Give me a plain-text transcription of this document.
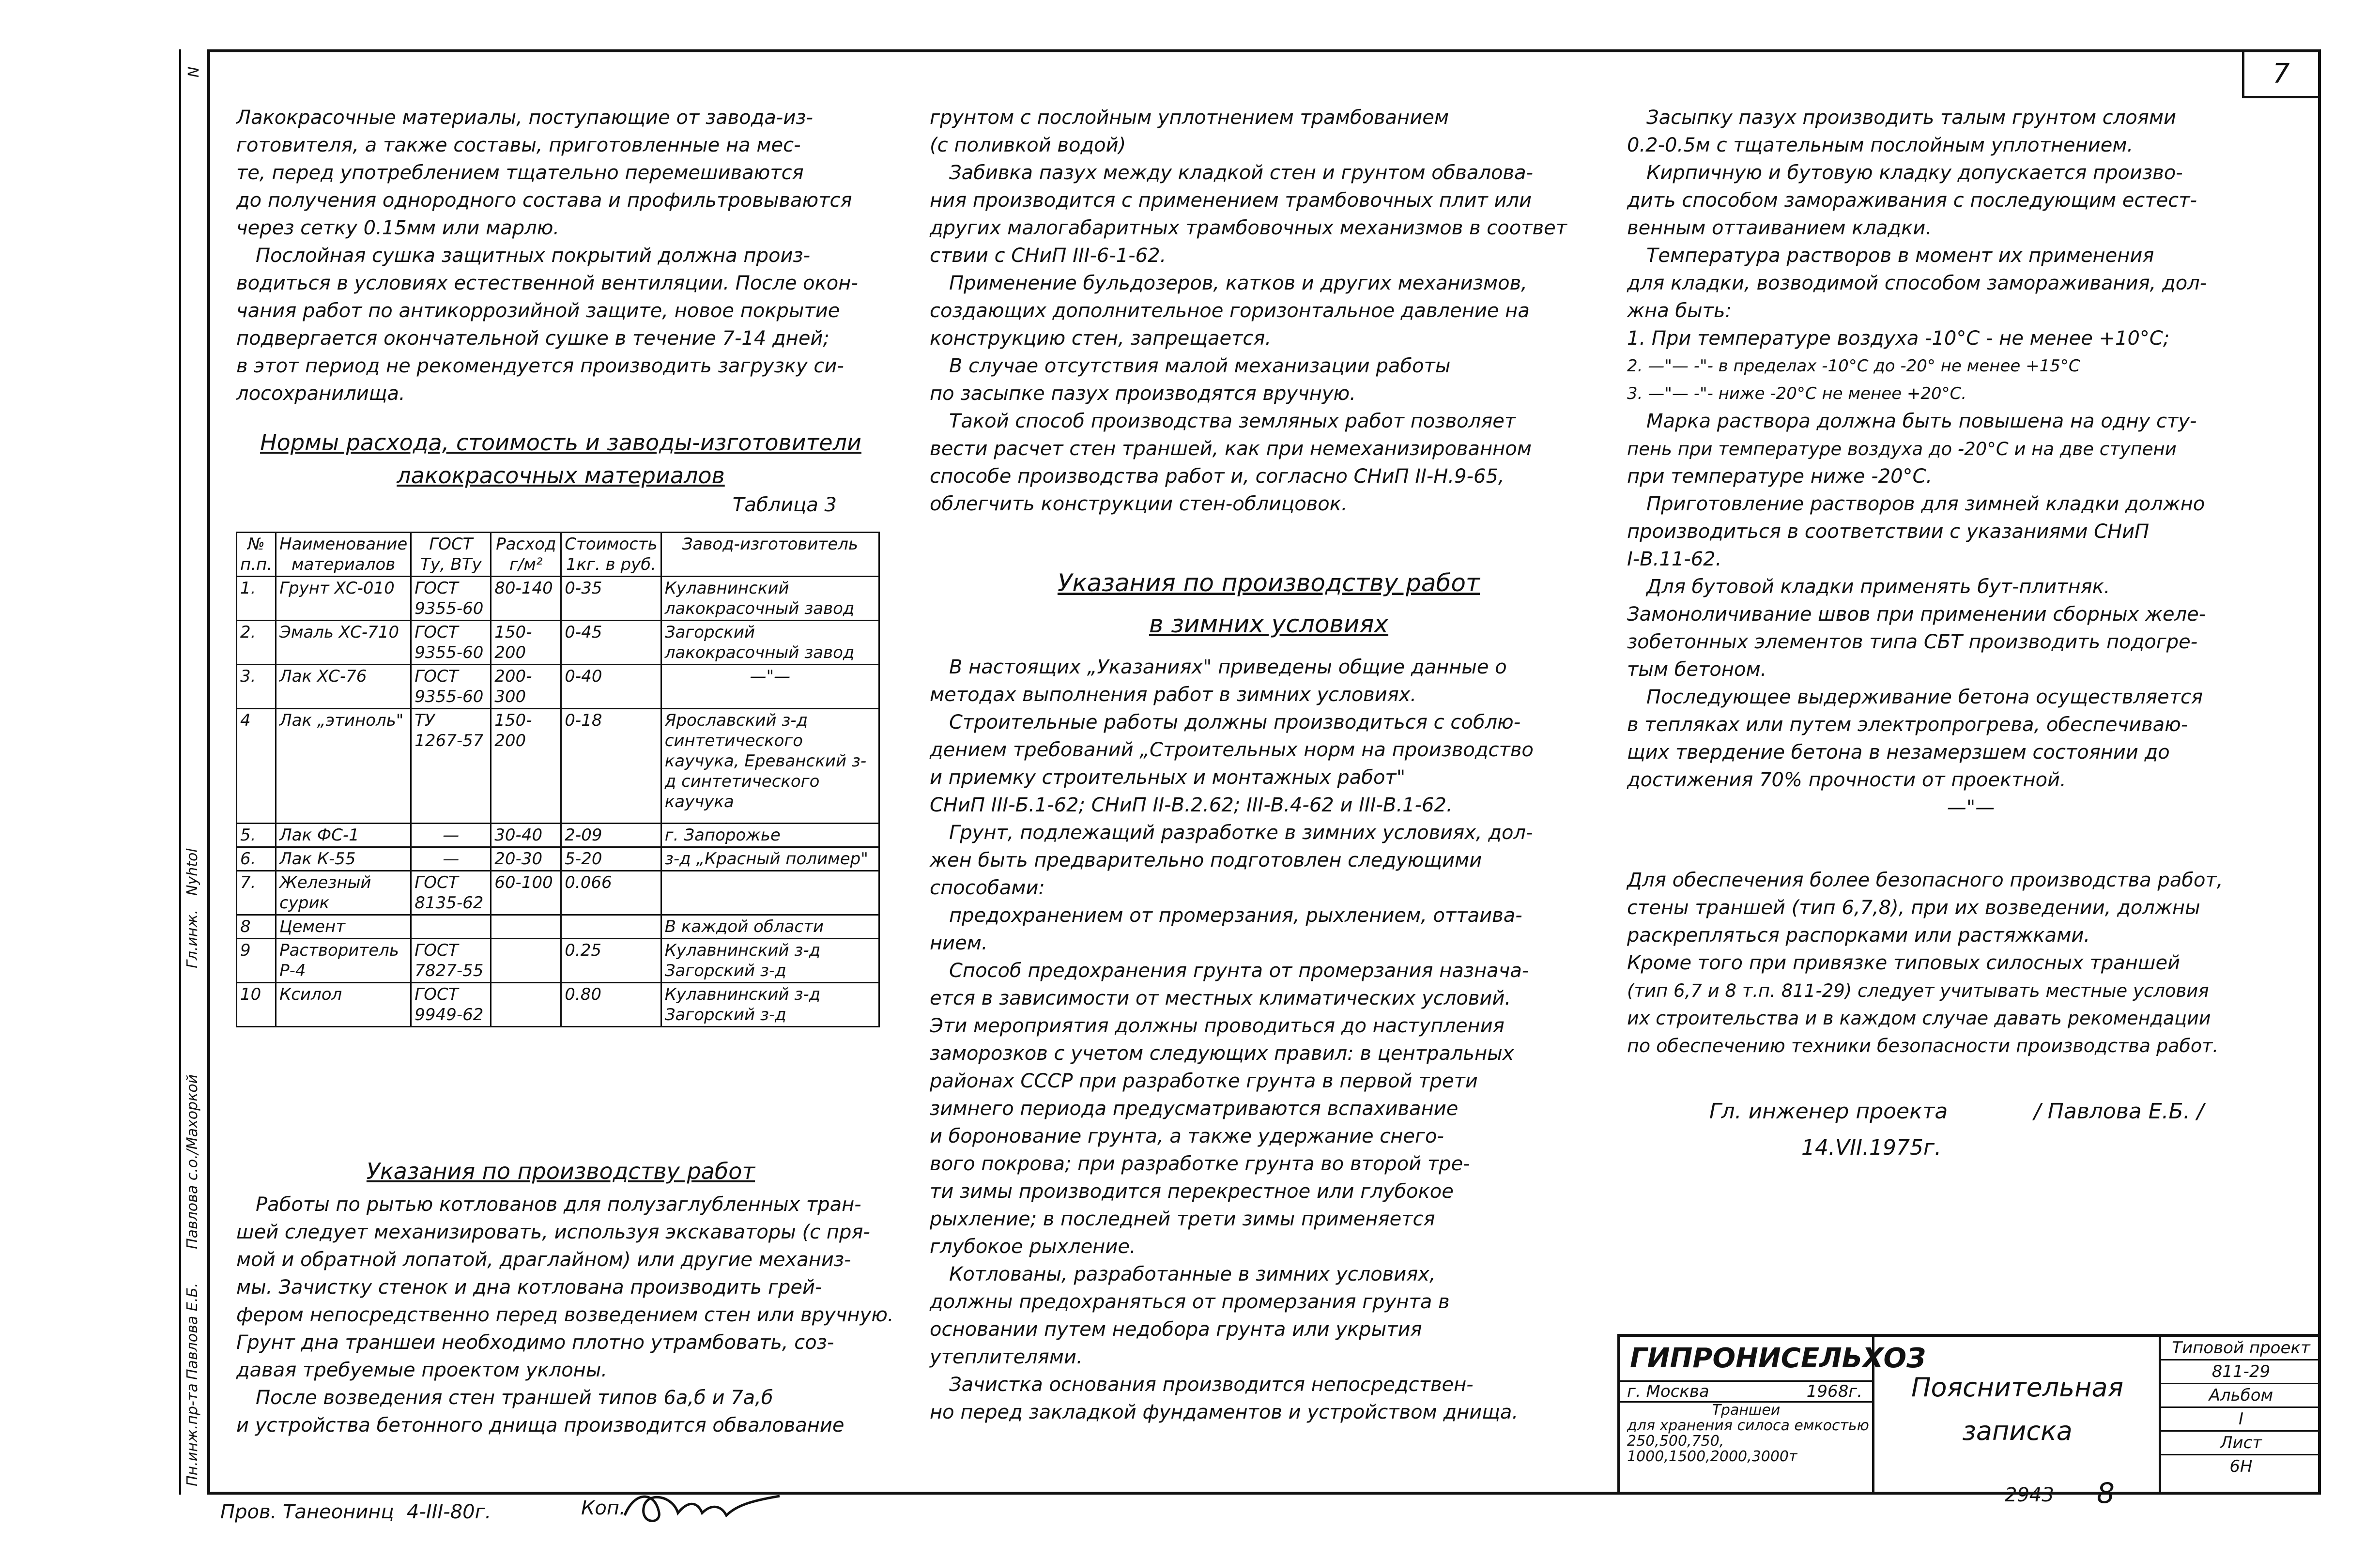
N
Пн.инж.пр-та
Павлова Е.Б.
Павлова с.о./Махоркой
Гл.инж.
Nyhtol
7

Лакокрасочные материалы, поступающие от завода-из-

готовителя, а также составы, приготовленные на мес-

те, перед употреблением тщательно перемешиваются

до получения однородного состава и профильтровываются

через сетку 0.15мм или марлю.

Послойная сушка защитных покрытий должна произ-

водиться в условиях естественной вентиляции. После окон-

чания работ по антикоррозийной защите, новое покрытие

подвергается окончательной сушке в течение 7-14 дней;

в этот период не рекомендуется производить загрузку си-

лосохранилища.

Нормы расхода, стоимость и заводы-изготовители
лакокрасочных материалов
Таблица 3
№ п.п.	Наименование материалов	ГОСТ Ту, ВТу	Расход г/м²	Стоимость 1кг. в руб.	Завод-изготовитель
1.	Грунт ХС-010	ГОСТ 9355-60	80-140	0-35	Кулавнинский лакокрасочный завод
2.	Эмаль ХС-710	ГОСТ 9355-60	150-200	0-45	Загорский лакокрасочный завод
3.	Лак ХС-76	ГОСТ 9355-60	200-300	0-40	—"—
4	Лак „этиноль"	ТУ 1267-57	150-200	0-18	Ярославский з-д синтетического каучука, Ереванский з-д синтетического каучука
5.	Лак ФС-1	—	30-40	2-09	г. Запорожье
6.	Лак К-55	—	20-30	5-20	з-д „Красный полимер"
7.	Железный сурик	ГОСТ 8135-62	60-100	0.066	
8	Цемент				В каждой области
9	Растворитель Р-4	ГОСТ 7827-55		0.25	Кулавнинский з-д Загорский з-д
10	Ксилол	ГОСТ 9949-62		0.80	Кулавнинский з-д Загорский з-д
Указания по производству работ

Работы по рытью котлованов для полузаглубленных тран-

шей следует механизировать, используя экскаваторы (с пря-

мой и обратной лопатой, драглайном) или другие механиз-

мы. Зачистку стенок и дна котлована производить грей-

фером непосредственно перед возведением стен или вручную.

Грунт дна траншеи необходимо плотно утрамбовать, соз-

давая требуемые проектом уклоны.

После возведения стен траншей типов 6а,б и 7а,б

и устройства бетонного днища производится обвалование

грунтом с послойным уплотнением трамбованием

(с поливкой водой)

Забивка пазух между кладкой стен и грунтом обвалова-

ния производится с применением трамбовочных плит или

других малогабаритных трамбовочных механизмов в соответ

ствии с СНиП III-6-1-62.

Применение бульдозеров, катков и других механизмов,

создающих дополнительное горизонтальное давление на

конструкцию стен, запрещается.

В случае отсутствия малой механизации работы

по засыпке пазух производятся вручную.

Такой способ производства земляных работ позволяет

вести расчет стен траншей, как при немеханизированном

способе производства работ и, согласно СНиП II-Н.9-65,

облегчить конструкции стен-облицовок.

Указания по производству работ
в зимних условиях

В настоящих „Указаниях" приведены общие данные о

методах выполнения работ в зимних условиях.

Строительные работы должны производиться с соблю-

дением требований „Строительных норм на производство

и приемку строительных и монтажных работ"

СНиП III-Б.1-62; СНиП II-В.2.62; III-В.4-62 и III-В.1-62.

Грунт, подлежащий разработке в зимних условиях, дол-

жен быть предварительно подготовлен следующими

способами:

предохранением от промерзания, рыхлением, оттаива-

нием.

Способ предохранения грунта от промерзания назнача-

ется в зависимости от местных климатических условий.

Эти мероприятия должны проводиться до наступления

заморозков с учетом следующих правил: в центральных

районах СССР при разработке грунта в первой трети

зимнего периода предусматриваются вспахивание

и боронование грунта, а также удержание снего-

вого покрова; при разработке грунта во второй тре-

ти зимы производится перекрестное или глубокое

рыхление; в последней трети зимы применяется

глубокое рыхление.

Котлованы, разработанные в зимних условиях,

должны предохраняться от промерзания грунта в

основании путем недобора грунта или укрытия

утеплителями.

Зачистка основания производится непосредствен-

но перед закладкой фундаментов и устройством днища.

Засыпку пазух производить талым грунтом слоями

0.2-0.5м с тщательным послойным уплотнением.

Кирпичную и бутовую кладку допускается произво-

дить способом замораживания с последующим естест-

венным оттаиванием кладки.

Температура растворов в момент их применения

для кладки, возводимой способом замораживания, дол-

жна быть:

1. При температуре воздуха -10°С - не менее +10°С;

2. —"— -"- в пределах -10°С до -20° не менее +15°С

3. —"— -"- ниже -20°С не менее +20°С.

Марка раствора должна быть повышена на одну сту-

пень при температуре воздуха до -20°С и на две ступени

при температуре ниже -20°С.

Приготовление растворов для зимней кладки должно

производиться в соответствии с указаниями СНиП

I-В.11-62.

Для бутовой кладки применять бут-плитняк.

Замоноличивание швов при применении сборных желе-

зобетонных элементов типа СБТ производить подогре-

тым бетоном.

Последующее выдерживание бетона осуществляется

в тепляках или путем электропрогрева, обеспечиваю-

щих твердение бетона в незамерзшем состоянии до

достижения 70% прочности от проектной.

—"—

Для обеспечения более безопасного производства работ,

стены траншей (тип 6,7,8), при их возведении, должны

раскрепляться распорками или растяжками.

Кроме того при привязке типовых силосных траншей

(тип 6,7 и 8 т.п. 811-29) следует учитывать местные условия

их строительства и в каждом случае давать рекомендации

по обеспечению техники безопасности производства работ.

Гл. инженер проекта	/ Павлова Е.Б. /
14.VII.1975г.
Пров. Танеонинц 4-III-80г.	Коп.
2943 8
ГИПРОНИСЕЛЬХОЗ
г. Москва	1968г.
Траншеи
для хранения силоса емкостью 250,500,750, 1000,1500,2000,3000т
Пояснительная
записка
Типовой проект
811-29
Альбом
I
Лист
6Н
